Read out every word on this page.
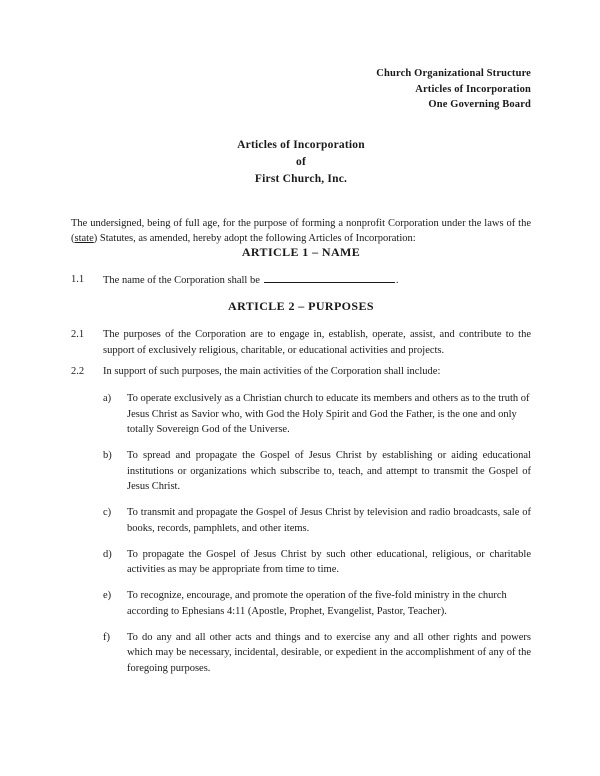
Church Organizational Structure
Articles of Incorporation
One Governing Board
Articles of Incorporation
of
First Church, Inc.

The undersigned, being of full age, for the purpose of forming a nonprofit Corporation under the laws of the (state) Statutes, as amended, hereby adopt the following Articles of Incorporation:

ARTICLE 1 – NAME
1.1	The name of the Corporation shall be	.
ARTICLE 2 – PURPOSES
2.1	The purposes of the Corporation are to engage in, establish, operate, assist, and contribute to the support of exclusively religious, charitable, or educational activities and projects.
2.2	In support of such purposes, the main activities of the Corporation shall include:
a)	To operate exclusively as a Christian church to educate its members and others as to the truth of Jesus Christ as Savior who, with God the Holy Spirit and God the Father, is the one and only totally Sovereign God of the Universe.
b)	To spread and propagate the Gospel of Jesus Christ by establishing or aiding educational institutions or organizations which subscribe to, teach, and attempt to transmit the Gospel of Jesus Christ.
c)	To transmit and propagate the Gospel of Jesus Christ by television and radio broadcasts, sale of books, records, pamphlets, and other items.
d)	To propagate the Gospel of Jesus Christ by such other educational, religious, or charitable activities as may be appropriate from time to time.
e)	To recognize, encourage, and promote the operation of the five-fold ministry in the church according to Ephesians 4:11 (Apostle, Prophet, Evangelist, Pastor, Teacher).
f)	To do any and all other acts and things and to exercise any and all other rights and powers which may be necessary, incidental, desirable, or expedient in the accomplishment of any of the foregoing purposes.
